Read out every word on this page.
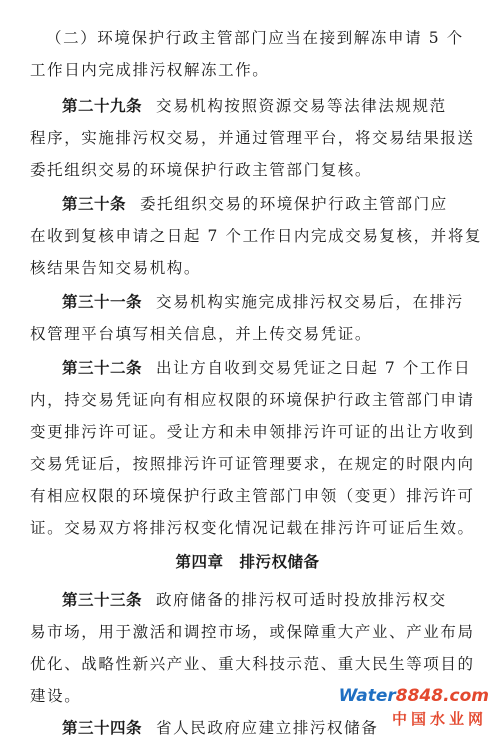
（二）环境保护行政主管部门应当在接到解冻申请 5 个
工作日内完成排污权解冻工作。
第二十九条 交易机构按照资源交易等法律法规规范
程序，实施排污权交易，并通过管理平台，将交易结果报送
委托组织交易的环境保护行政主管部门复核。
第三十条 委托组织交易的环境保护行政主管部门应
在收到复核申请之日起 7 个工作日内完成交易复核，并将复
核结果告知交易机构。
第三十一条 交易机构实施完成排污权交易后，在排污
权管理平台填写相关信息，并上传交易凭证。
第三十二条 出让方自收到交易凭证之日起 7 个工作日
内，持交易凭证向有相应权限的环境保护行政主管部门申请
变更排污许可证。受让方和未申领排污许可证的出让方收到
交易凭证后，按照排污许可证管理要求，在规定的时限内向
有相应权限的环境保护行政主管部门申领（变更）排污许可
证。交易双方将排污权变化情况记载在排污许可证后生效。
第四章 排污权储备
第三十三条 政府储备的排污权可适时投放排污权交
易市场，用于激活和调控市场，或保障重大产业、产业布局
优化、战略性新兴产业、重大科技示范、重大民生等项目的
建设。
第三十四条 省人民政府应建立排污权储备
Water8848.com
中国水业网
